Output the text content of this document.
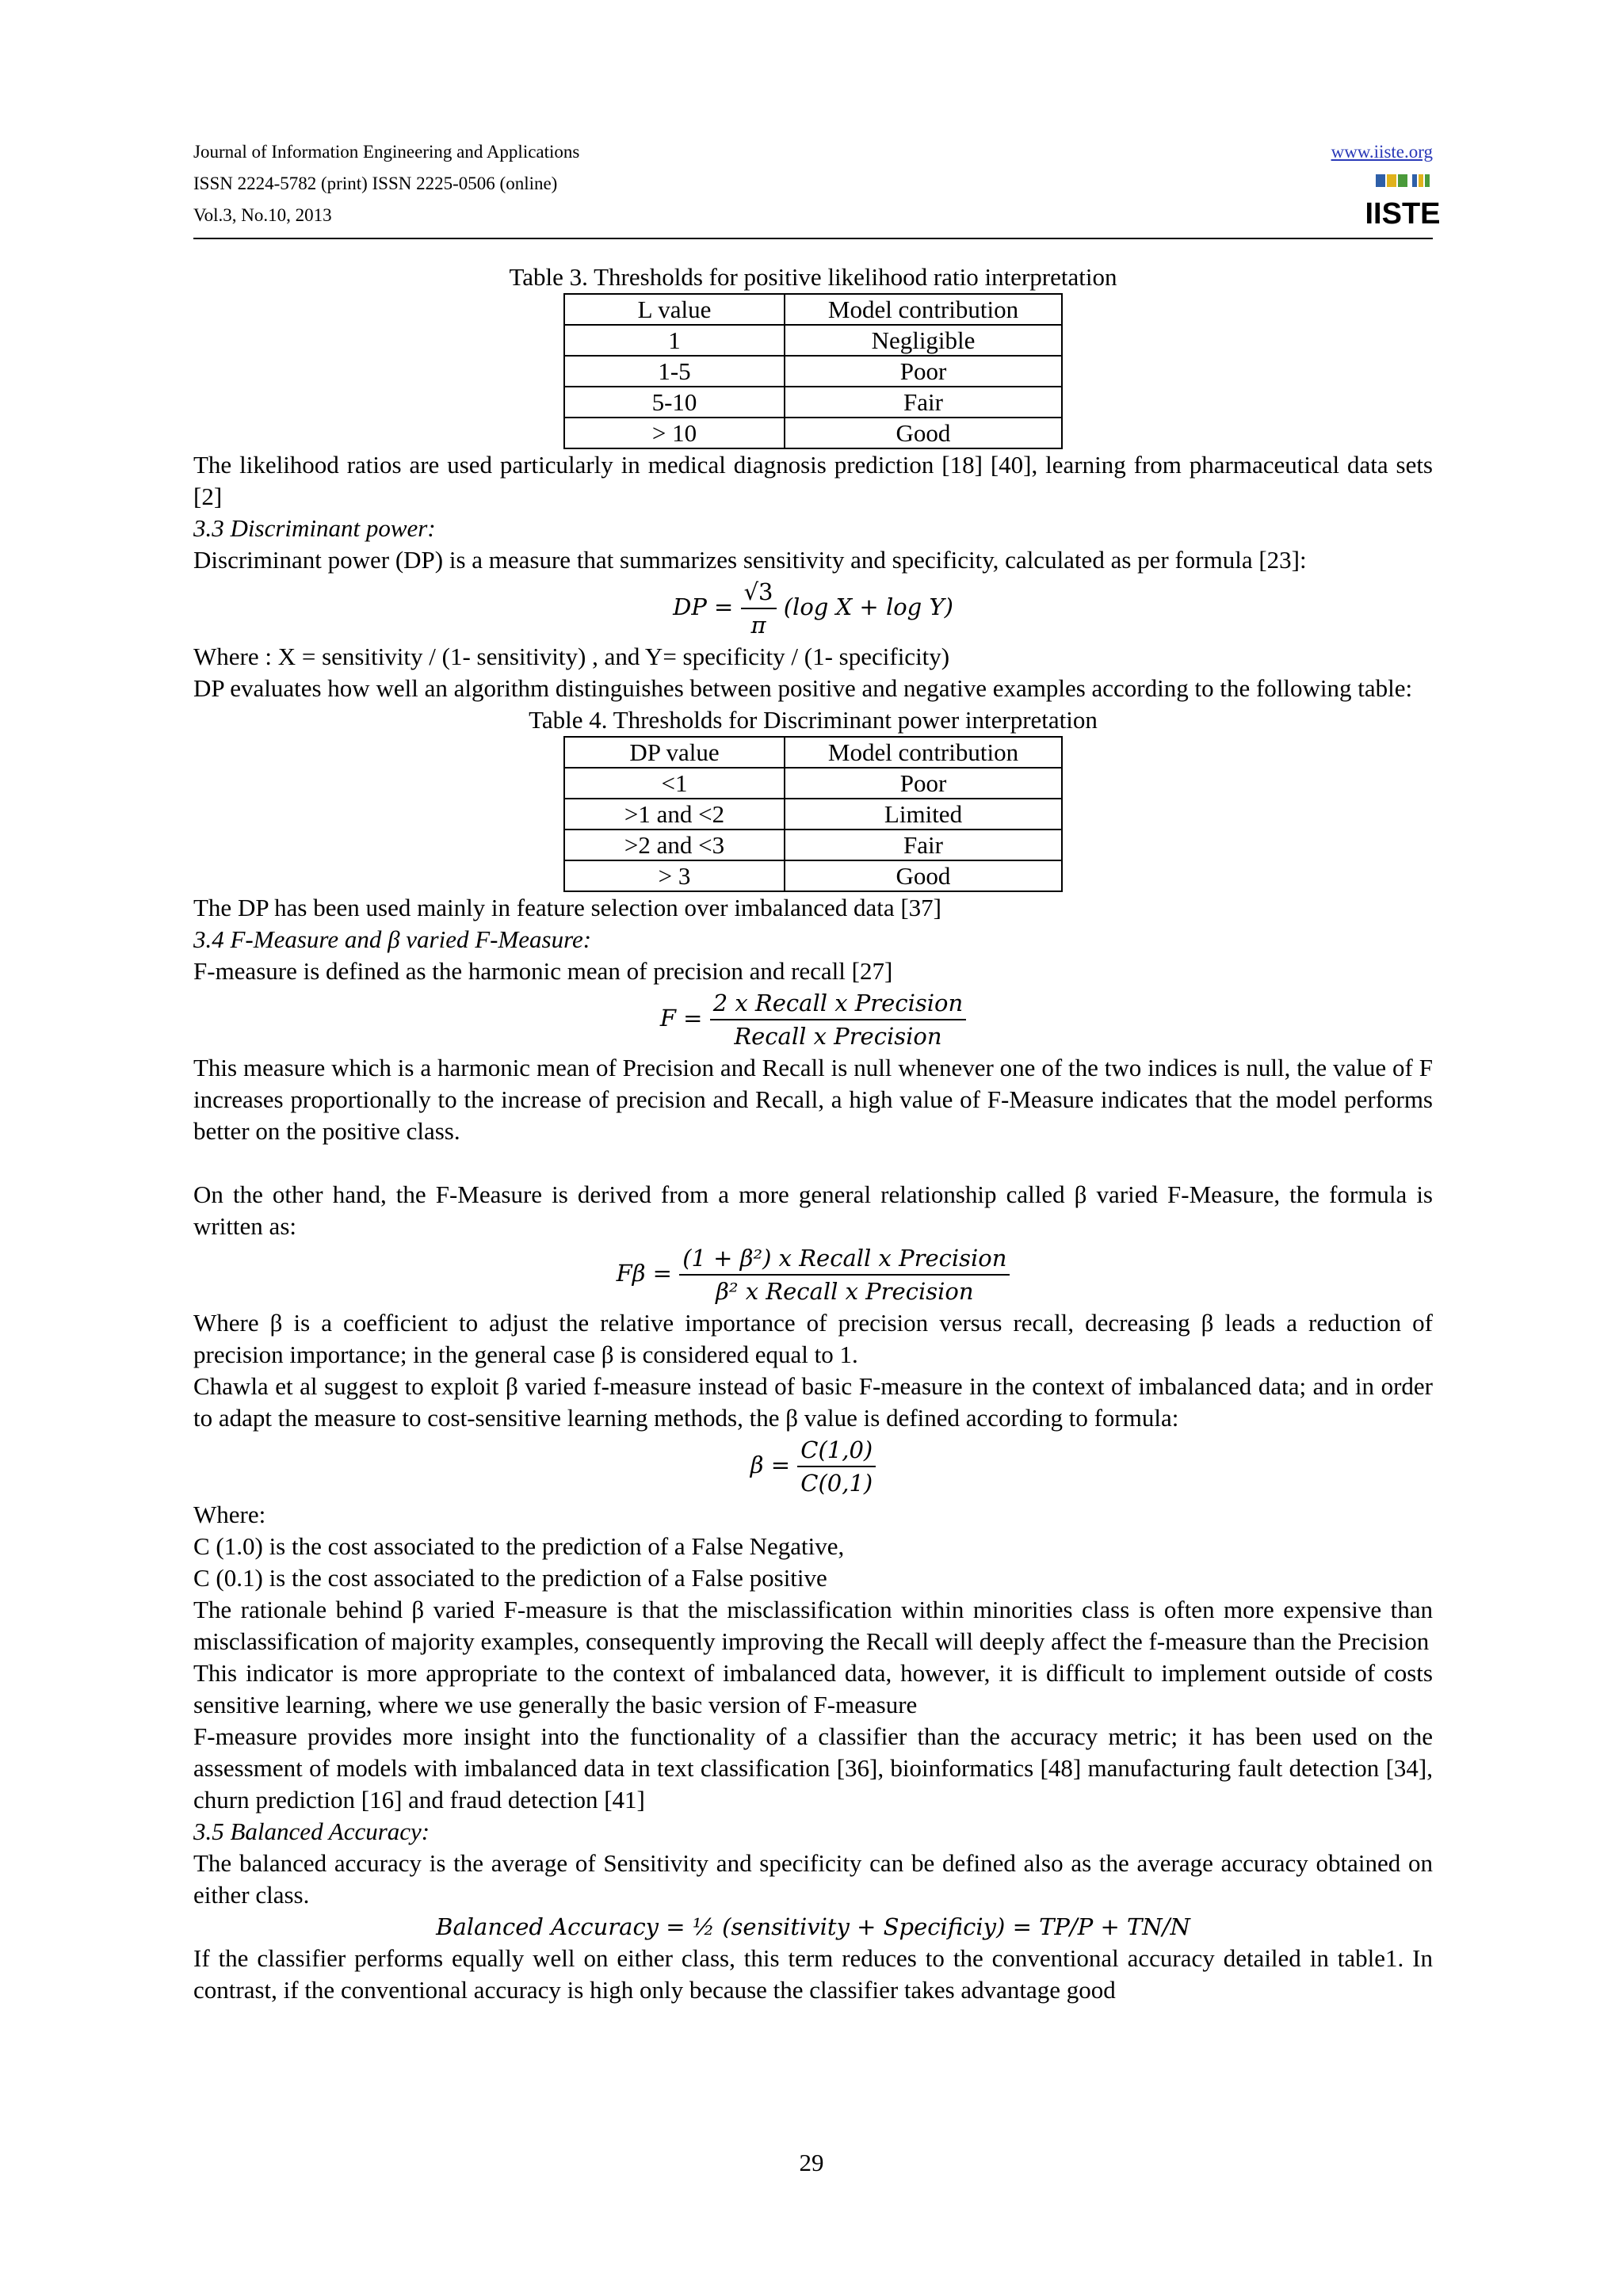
Journal of Information Engineering and Applications
ISSN 2224-5782 (print) ISSN 2225-0506 (online)
Vol.3, No.10, 2013
www.iiste.org
IISTE
Table 3. Thresholds for positive likelihood ratio interpretation
L value	Model contribution
1	Negligible
1-5	Poor
5-10	Fair
> 10	Good
The likelihood ratios are used particularly in medical diagnosis prediction [18] [40], learning from pharmaceutical data sets [2]
3.3 Discriminant power:
Discriminant power (DP) is a measure that summarizes sensitivity and specificity, calculated as per formula [23]:
DP = $\frac{√3}{\pi} (\log$ X + log Y)
Where : X = sensitivity / (1- sensitivity) , and Y= specificity / (1- specificity)
DP evaluates how well an algorithm distinguishes between positive and negative examples according to the following table:
Table 4. Thresholds for Discriminant power interpretation
DP value	Model contribution
<1	Poor
>1 and <2	Limited
>2 and <3	Fair
> 3	Good
The DP has been used mainly in feature selection over imbalanced data [37]
3.4 F-Measure and β varied F-Measure:
F-measure is defined as the harmonic mean of precision and recall [27]
$F = \frac{\text{2 x Recall x Precision}}{\text{Recall x Precision}}$
This measure which is a harmonic mean of Precision and Recall is null whenever one of the two indices is null, the value of F increases proportionally to the increase of precision and Recall, a high value of F-Measure indicates that the model performs better on the positive class.
On the other hand, the F-Measure is derived from a more general relationship called β varied F-Measure, the formula is written as:
$F\beta = \frac{\text{(1 + β²) x Recall x Precision}}{\text{β² x Recall x Precision}}$
Where β is a coefficient to adjust the relative importance of precision versus recall, decreasing β leads a reduction of precision importance; in the general case β is considered equal to 1.
Chawla et al suggest to exploit β varied f-measure instead of basic F-measure in the context of imbalanced data; and in order to adapt the measure to cost-sensitive learning methods, the β value is defined according to formula:
$\beta = \frac{C(1,0)}{C(0,1)}$
Where:
C (1.0) is the cost associated to the prediction of a False Negative,
C (0.1) is the cost associated to the prediction of a False positive
The rationale behind β varied F-measure is that the misclassification within minorities class is often more expensive than misclassification of majority examples, consequently improving the Recall will deeply affect the f-measure than the Precision
This indicator is more appropriate to the context of imbalanced data, however, it is difficult to implement outside of costs sensitive learning, where we use generally the basic version of F-measure
F-measure provides more insight into the functionality of a classifier than the accuracy metric; it has been used on the assessment of models with imbalanced data in text classification [36], bioinformatics [48] manufacturing fault detection [34], churn prediction [16] and fraud detection [41]
3.5 Balanced Accuracy:
The balanced accuracy is the average of Sensitivity and specificity can be defined also as the average accuracy obtained on either class.
Balanced Accuracy = ½ (sensitivity + Specificiy) = TP/P + TN/N
If the classifier performs equally well on either class, this term reduces to the conventional accuracy detailed in table1. In contrast, if the conventional accuracy is high only because the classifier takes advantage good
29
